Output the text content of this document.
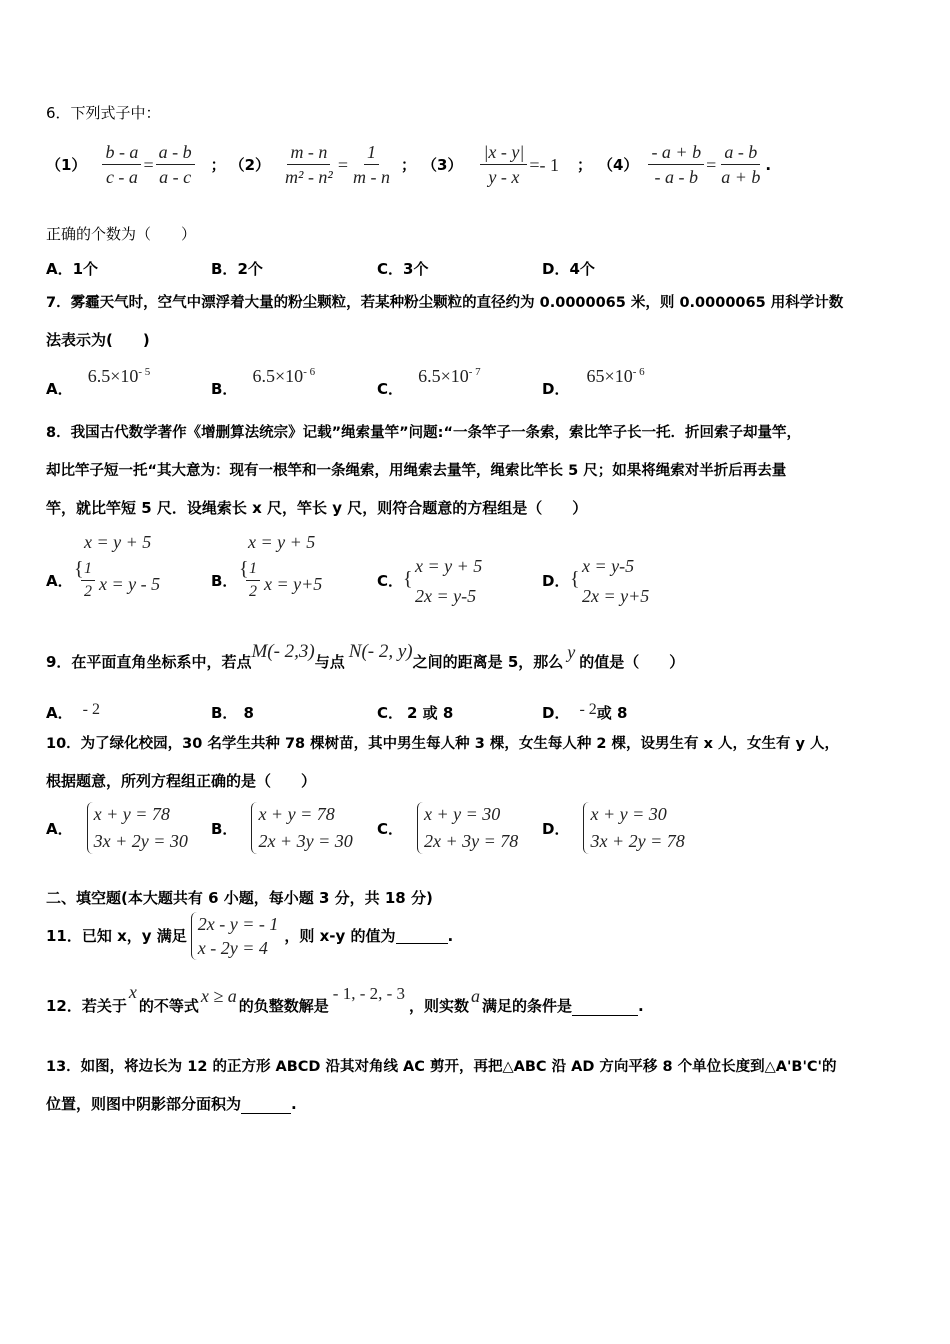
6．下列式子中：
$(1) \frac{b - a}{c - a} = \frac{a - b}{a - c}$ ； $(2) \frac{m - n}{\text{m² - n²}} = \frac{1}{m - n}$ ； $(3) \frac{|x - y|}{y - x} =- 1$ ； $(4) \frac{- a + b}{- a - b} = \frac{a - b}{a + b}$ .
正确的个数为（　　）
A．1个	B．2个	C．3个	D．4个
7．雾霾天气时，空气中漂浮着大量的粉尘颗粒，若某种粉尘颗粒的直径约为 0.0000065 米，则 0.0000065 用科学计数
法表示为(　　)
A． $6.5\times 10^{- 5}$
B． $6.5\times 10^{- 6}$
C． $6.5\times 10^{- 7}$
D． $65\times 10^{- 6}$
8．我国古代数学著作《增删算法统宗》记载”绳索量竿”问题:“一条竿子一条索，索比竿子长一托．折回索子却量竿，
却比竿子短一托“其大意为：现有一根竿和一条绳索，用绳索去量竿，绳索比竿长 5 尺；如果将绳索对半折后再去量
竿，就比竿短 5 尺．设绳索长 x 尺，竿长 y 尺，则符合题意的方程组是（　　）
A．
{
x = y + 5
$\frac{1}{2}$ x = y - 5	B．
{
x = y + 5
$\frac{1}{2}$ x = y+5	C． {
x = y + 5
2x = y-5
D． {
x = y-5
2x = y+5
9．在平面直角坐标系中，若点 M(- 2,3) 与点 N(- 2, y) 之间的距离是 5，那么 y 的值是（　　）
A． - 2	B． 8	C． 2 或 8	D． - 2或 8
10．为了绿化校园，30 名学生共种 78 棵树苗，其中男生每人种 3 棵，女生每人种 2 棵，设男生有 x 人，女生有 y 人，
根据题意，所列方程组正确的是（　　）
A．
x + y = 78
3x + 2y = 30
B．
x + y = 78
2x + 3y = 30
C．
x + y = 30
2x + 3y = 78
D．
x + y = 30
3x + 2y = 78
二、填空题(本大题共有 6 小题，每小题 3 分，共 18 分)
11．已知 x，y 满足
2x - y = - 1
x - 2y = 4
，则 x-y 的值为	.
12．若关于
x
的不等式 x ≥ a 的负整数解是
- 1, - 2, - 3
，则实数 a 满足的条件是	.
13．如图，将边长为 12 的正方形 ABCD 沿其对角线 AC 剪开，再把△ABC 沿 AD 方向平移 8 个单位长度到△A'B'C'的
位置，则图中阴影部分面积为	.
